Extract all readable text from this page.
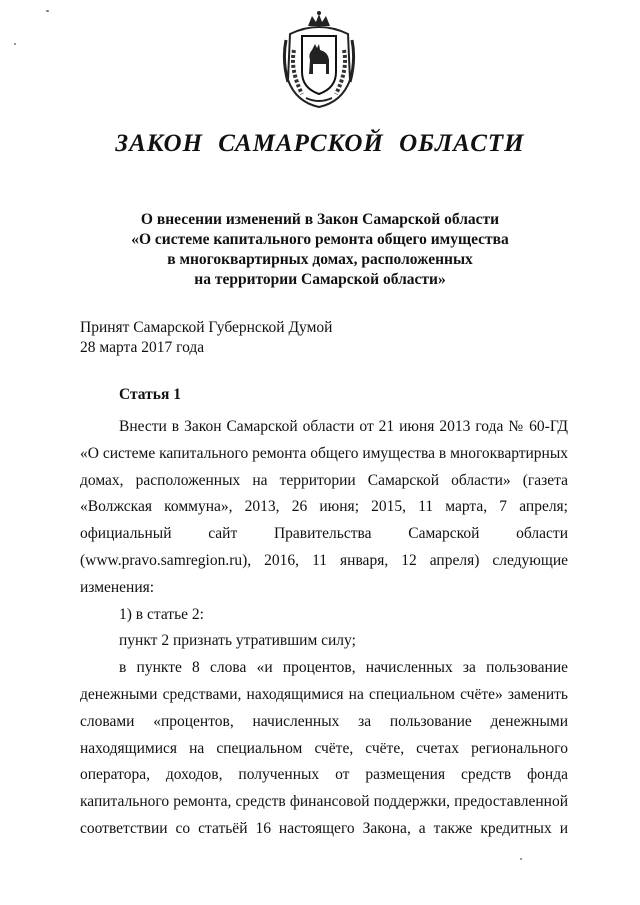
ЗАКОН САМАРСКОЙ ОБЛАСТИ
О внесении изменений в Закон Самарской области
«О системе капитального ремонта общего имущества
в многоквартирных домах, расположенных
на территории Самарской области»
Принят Самарской Губернской Думой
28 марта 2017 года
Статья 1
Внести в Закон Самарской области от 21 июня 2013 года № 60-ГД
«О системе капитального ремонта общего имущества в многоквартирных
домах, расположенных на территории Самарской области» (газета
«Волжская коммуна», 2013, 26 июня; 2015, 11 марта, 7 апреля;
официальный сайт Правительства Самарской области
(www.pravo.samregion.ru), 2016, 11 января, 12 апреля) следующие
изменения:
1) в статье 2:
пункт 2 признать утратившим силу;
в пункте 8 слова «и процентов, начисленных за пользование
денежными средствами, находящимися на специальном счёте» заменить
словами «процентов, начисленных за пользование денежными
находящимися на специальном счёте, счёте, счетах регионального
оператора, доходов, полученных от размещения средств фонда
капитального ремонта, средств финансовой поддержки, предоставленной
соответствии со статьёй 16 настоящего Закона, а также кредитных и
